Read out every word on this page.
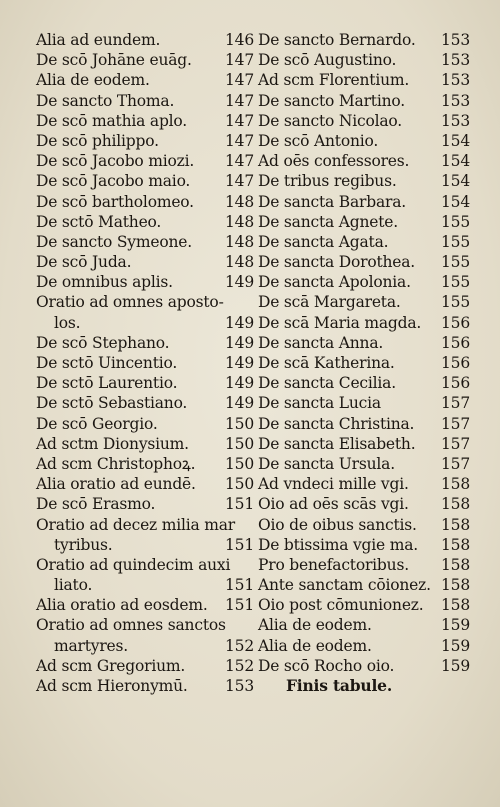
Alia ad eundem.	146
De scō Johāne euāg. 147
Alia de eodem.	147
De sancto Thoma.	147
De scō mathia aplo. 147
De scō philippo.	147
De scō Jacobo miozi. 147
De scō Jacobo maio. 147
De scō bartholomeo. 148
De sctō Matheo.	148
De sancto Symeone. 148
De scō Juda.	148
De omnibus aplis.	149
Oratio ad omnes aposto-
los.	149
De scō Stephano.	149
De sctō Uincentio.	149
De sctō Laurentio.	149
De sctō Sebastiano. 149
De scō Georgio.	150
Ad sctm Dionysium. 150
Ad scm Christophoꝝ. 150
Alia oratio ad eundē. 150
De scō Erasmo.	151
Oratio ad decez milia mar
tyribus.	151
Oratio ad quindecim auxi
liato.	151
Alia oratio ad eosdem. 151
Oratio ad omnes sanctos
martyres.	152
Ad scm Gregorium.	152
Ad scm Hieronymū. 153
De sancto Bernardo. 153
De scō Augustino.	153
Ad scm Florentium. 153
De sancto Martino. 153
De sancto Nicolao.	153
De scō Antonio.	154
Ad oēs confessores. 154
De tribus regibus.	154
De sancta Barbara. 154
De sancta Agnete.	155
De sancta Agata.	155
De sancta Dorothea. 155
De sancta Apolonia. 155
De scā Margareta.	155
De scā Maria magda. 156
De sancta Anna.	156
De scā Katherina.	156
De sancta Cecilia.	156
De sancta Lucia	157
De sancta Christina. 157
De sancta Elisabeth. 157
De sancta Ursula.	157
Ad vndeci mille vgi. 158
Oio ad oēs scās vgi. 158
Oio de oibus sanctis. 158
De btissima vgie ma. 158
Pro benefactoribus. 158
Ante sanctam cōionez. 158
Oio post cōmunionez. 158
Alia de eodem.	159
Alia de eodem.	159
De scō Rocho oio.	159
Finis tabule.
